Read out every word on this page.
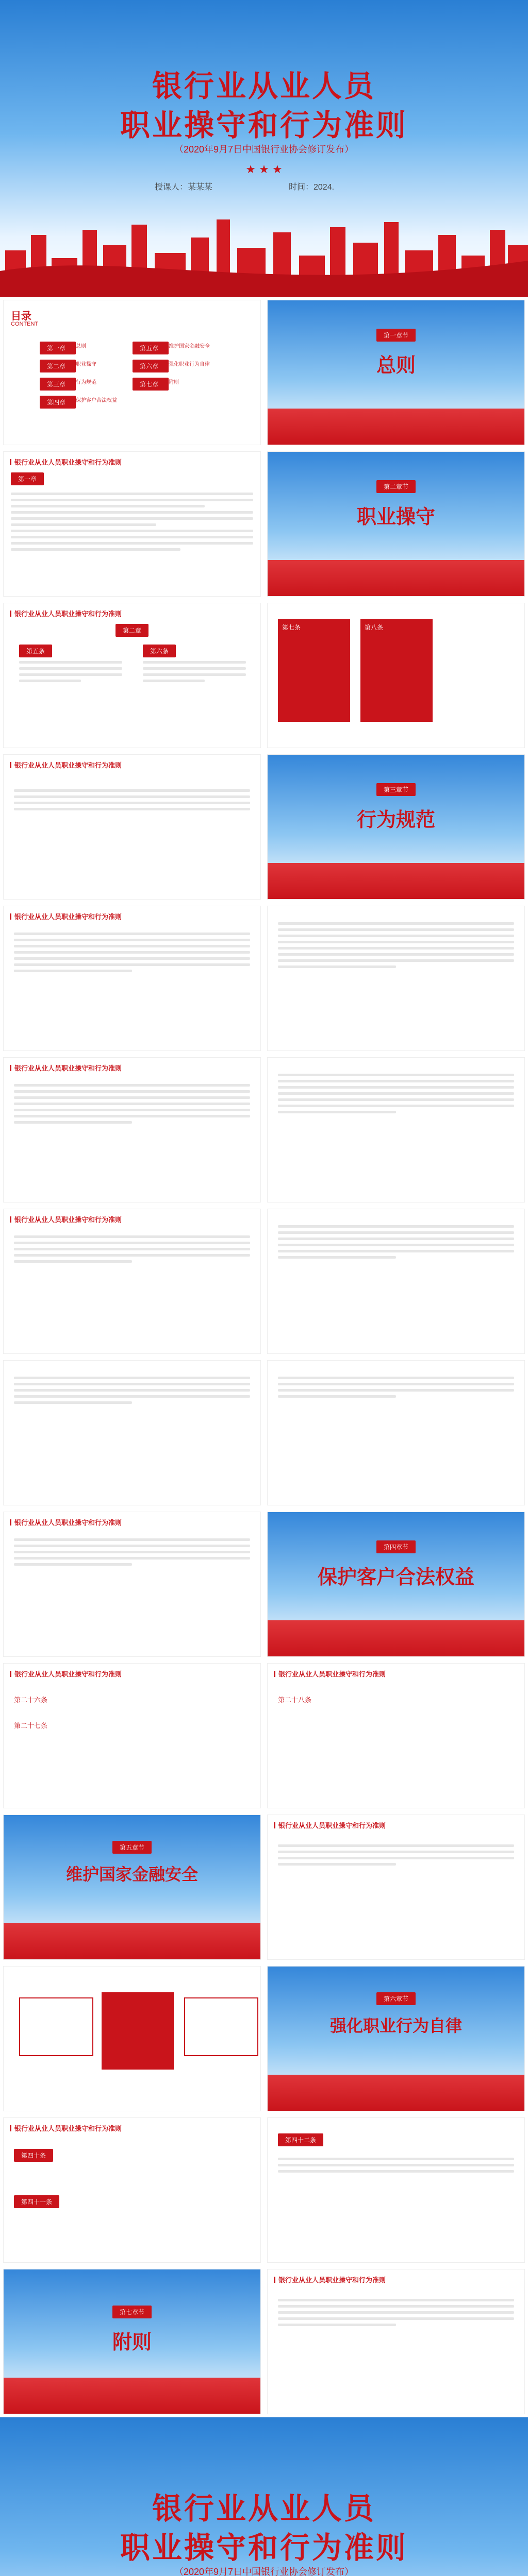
银行业从业人员
职业操守和行为准则
（2020年9月7日中国银行业协会修订发布）
★ ★ ★
授课人：某某某	时间：2024.
目录
CONTENT
第一章	总则	第五章	维护国家金融安全
第二章	职业操守	第六章	强化职业行为自律
第三章	行为规范	第七章	附则
第四章	保护客户合法权益
第一章节
总则
银行业从业人员职业操守和行为准则
第一章
第二章节
职业操守
银行业从业人员职业操守和行为准则
第二章
第五条	第六条
第七条	第八条
银行业从业人员职业操守和行为准则
第三章节
行为规范
银行业从业人员职业操守和行为准则
银行业从业人员职业操守和行为准则
银行业从业人员职业操守和行为准则
银行业从业人员职业操守和行为准则
第四章节
保护客户合法权益
银行业从业人员职业操守和行为准则
第二十六条
第二十七条
银行业从业人员职业操守和行为准则
第二十八条
第五章节
维护国家金融安全
银行业从业人员职业操守和行为准则
第六章节
强化职业行为自律
银行业从业人员职业操守和行为准则
第四十条
第四十一条
第四十二条
第七章节
附则
银行业从业人员职业操守和行为准则
银行业从业人员
职业操守和行为准则
（2020年9月7日中国银行业协会修订发布）
